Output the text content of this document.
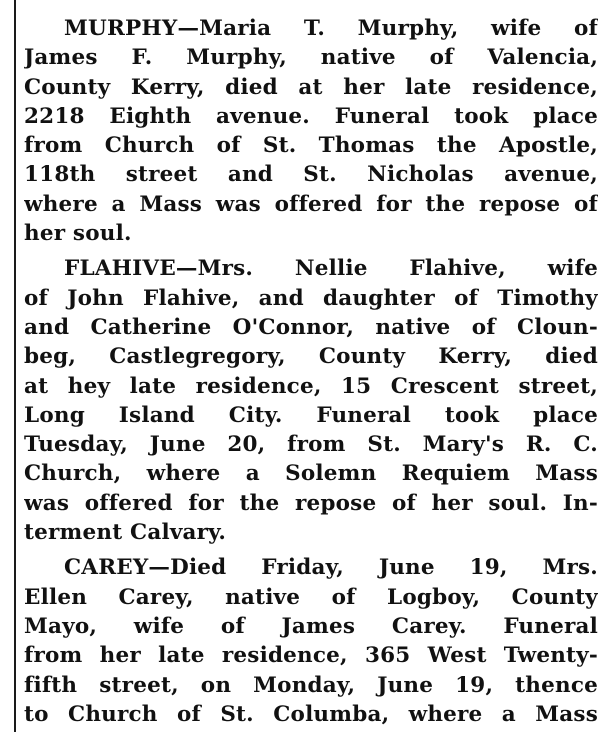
MURPHY—Maria T. Murphy, wife of
James F. Murphy, native of Valencia,
County Kerry, died at her late residence,
2218 Eighth avenue. Funeral took place
from Church of St. Thomas the Apostle,
118th street and St. Nicholas avenue,
where a Mass was offered for the repose of
her soul.
FLAHIVE—Mrs. Nellie Flahive, wife
of John Flahive, and daughter of Timothy
and Catherine O'Connor, native of Cloun-
beg, Castlegregory, County Kerry, died
at hey late residence, 15 Crescent street,
Long Island City. Funeral took place
Tuesday, June 20, from St. Mary's R. C.
Church, where a Solemn Requiem Mass
was offered for the repose of her soul. In-
terment Calvary.
CAREY—Died Friday, June 19, Mrs.
Ellen Carey, native of Logboy, County
Mayo, wife of James Carey. Funeral
from her late residence, 365 West Twenty-
fifth street, on Monday, June 19, thence
to Church of St. Columba, where a Mass
